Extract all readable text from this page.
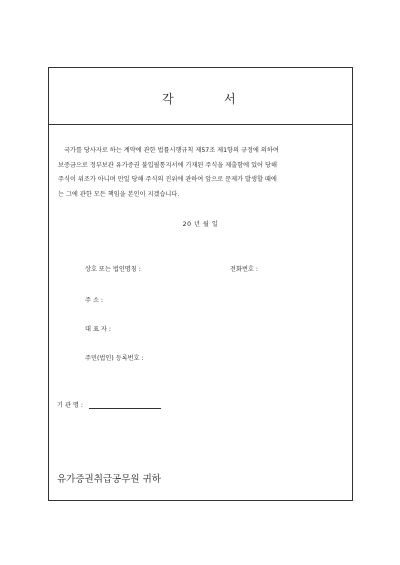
각	서
국가를 당사자로 하는 계약에 관한 법률시행규칙 제57조 제1항의 규정에 의하여
보증금으로 정부보관 유가증권 불입필통지서에 기재된 주식을 제출함에 있어 당해
주식이 위조가 아니며 만일 당해 주식의 진위에 관하여 앞으로 문제가 발생할 때에
는 그에 관한 모든 책임을 본인이 지겠습니다.
20 년 월 일
상호 또는 법인명칭 :	전화번호 :
주 소 :
대 표 자 :
주민(법인) 등록번호 :
기 관 명 :
유가증권취급공무원 귀하
